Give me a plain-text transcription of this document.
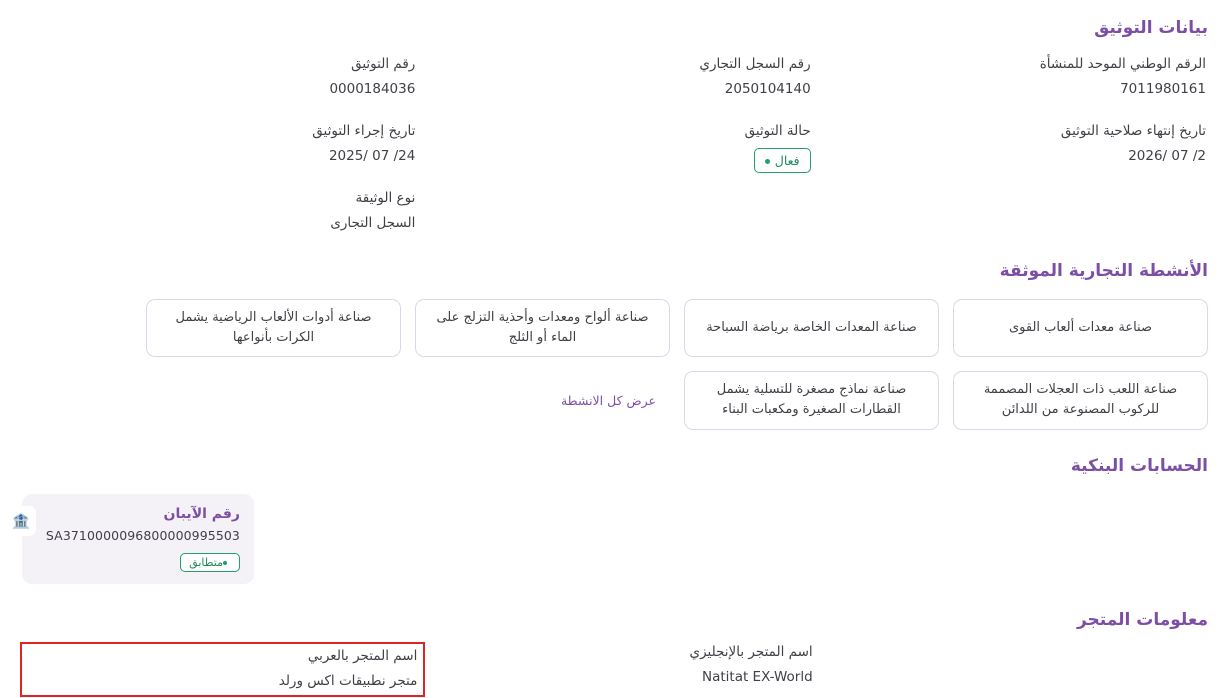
بيانات التوثيق
الرقم الوطني الموحد للمنشأة
7011980161
تاريخ إنتهاء صلاحية التوثيق
2026/ 07 /2
رقم السجل التجاري
2050104140
حالة التوثيق
فعال
رقم التوثيق
0000184036
تاريخ إجراء التوثيق
2025/ 07 /24
نوع الوثيقة
السجل التجارى
الأنشطة التجارية الموثقة
صناعة معدات ألعاب القوى
صناعة المعدات الخاصة برياضة السباحة
صناعة ألواح ومعدات وأحذية التزلج على الماء أو الثلج
صناعة أدوات الألعاب الرياضية يشمل الكرات بأنواعها
صناعة اللعب ذات العجلات المصممة للركوب المصنوعة من اللدائن
صناعة نماذج مصغرة للتسلية يشمل القطارات الصغيرة ومكعبات البناء
عرض كل الانشطة
الحسابات البنكية
🏦	رقم الآيبان
SA3710000096800000995503
متطابق
معلومات المتجر
اسم المتجر بالإنجليزي
Natitat EX-World
اسم المتجر بالعربي
متجر نطبيقات اكس ورلد
